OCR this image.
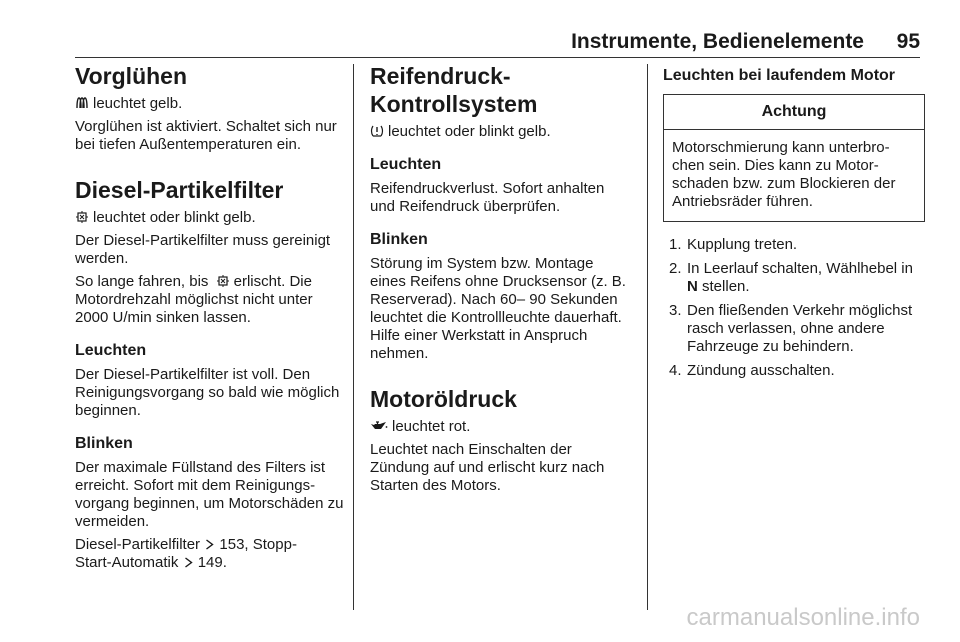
Instrumente, Bedienelemente 95
Vorglühen

leuchtet gelb.

Vorglühen ist aktiviert. Schaltet sich nur bei tiefen Außentemperaturen ein.

Diesel-Partikelfilter

leuchtet oder blinkt gelb.

Der Diesel-Partikelfilter muss gereinigt werden.

So lange fahren, bis erlischt. Die Motordrehzahl möglichst nicht unter 2000 U/min sinken lassen.

Leuchten

Der Diesel-Partikelfilter ist voll. Den Reinigungsvorgang so bald wie möglich beginnen.

Blinken

Der maximale Füllstand des Filters ist erreicht. Sofort mit dem Reinigungsvorgang beginnen, um Motorschäden zu vermeiden.

Diesel-Partikelfilter 153, Stopp-
Start-Automatik 149.

Reifendruck-Kontrollsystem

leuchtet oder blinkt gelb.

Leuchten

Reifendruckverlust. Sofort anhalten und Reifendruck überprüfen.

Blinken

Störung im System bzw. Montage eines Reifens ohne Drucksensor (z. B. Reserverad). Nach 60– 90 Sekunden leuchtet die Kontrollleuchte dauerhaft. Hilfe einer Werkstatt in Anspruch nehmen.

Motoröldruck

leuchtet rot.

Leuchtet nach Einschalten der Zündung auf und erlischt kurz nach Starten des Motors.

Leuchten bei laufendem Motor
Achtung
Motorschmierung kann unterbrochen sein. Dies kann zu Motorschaden bzw. zum Blockieren der Antriebsräder führen.
1. Kupplung treten.
2. In Leerlauf schalten, Wählhebel in N stellen.
3. Den fließenden Verkehr möglichst rasch verlassen, ohne andere Fahrzeuge zu behindern.
4. Zündung ausschalten.
carmanualsonline.info
